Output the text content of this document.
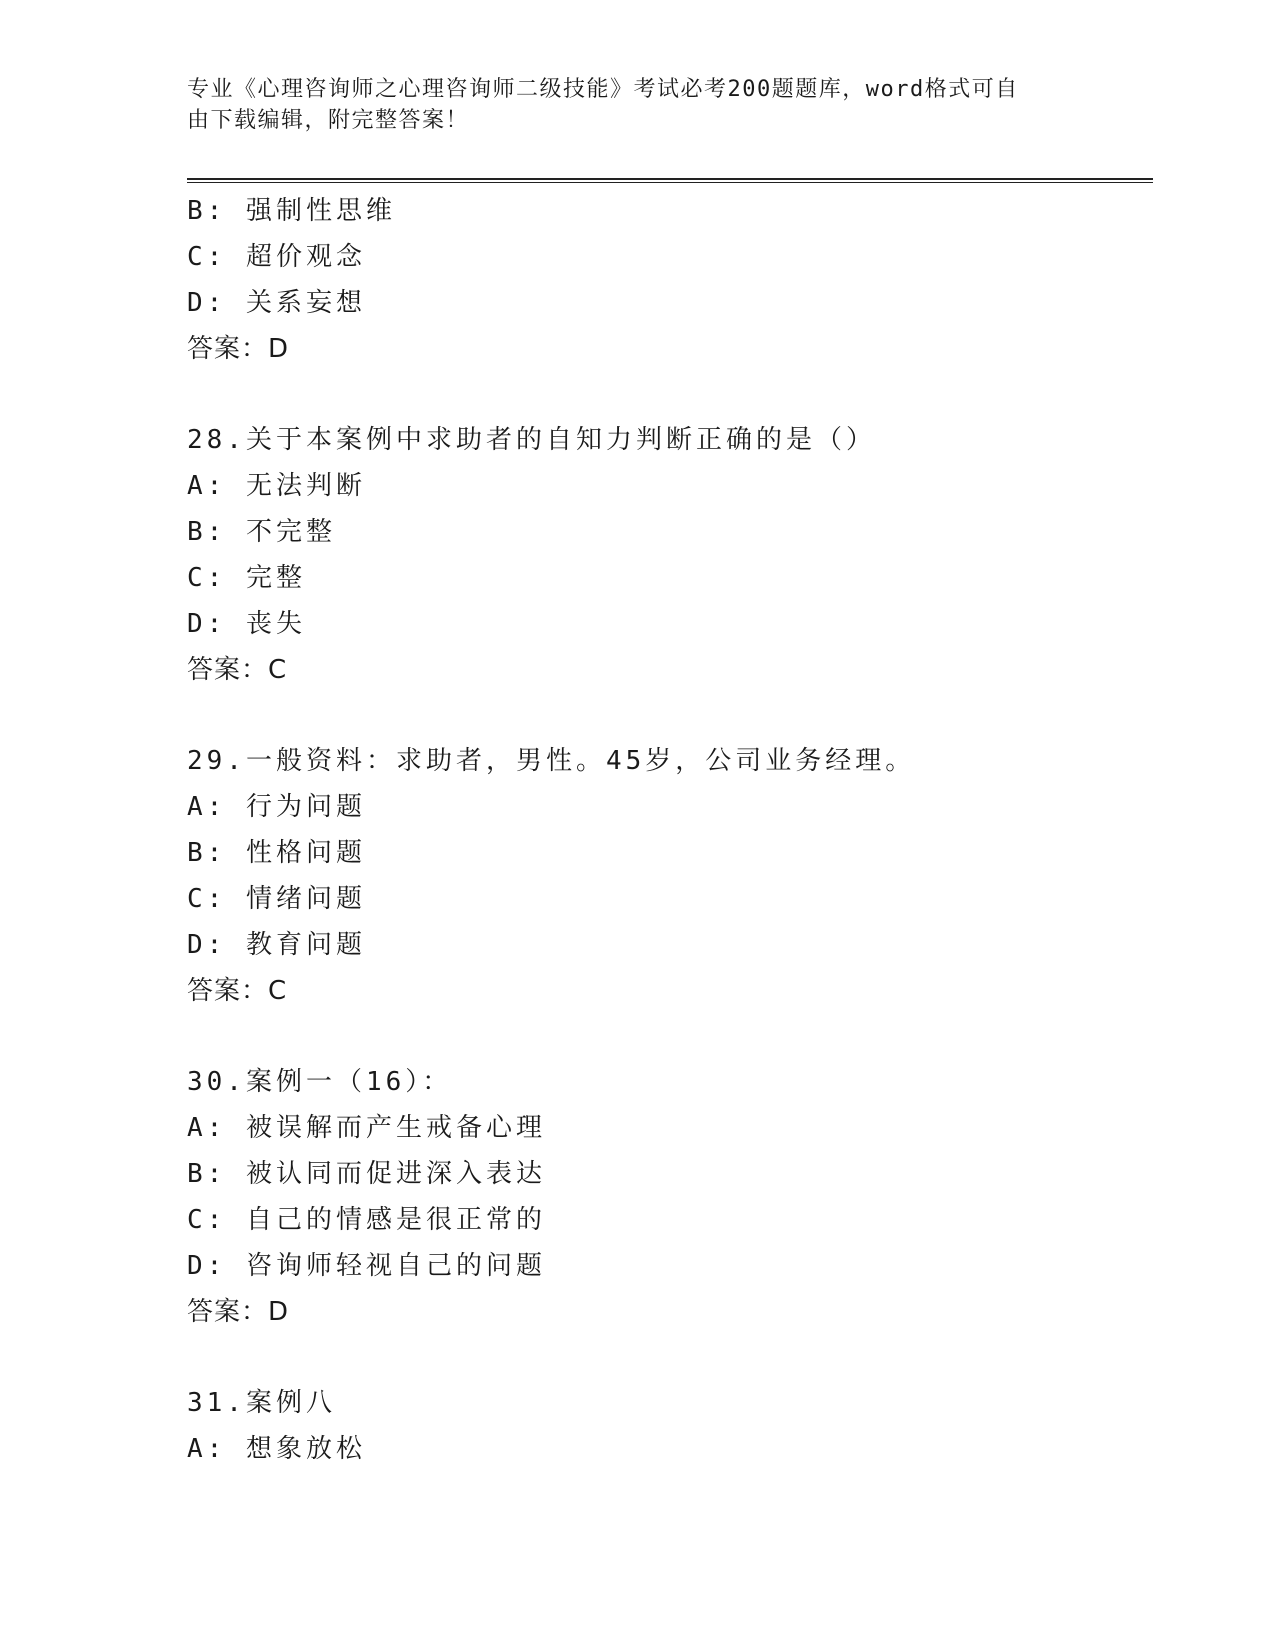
专业《心理咨询师之心理咨询师二级技能》考试必考200题题库，word格式可自
由下载编辑，附完整答案！
B: 强制性思维
C: 超价观念
D: 关系妄想
答案：D
28.关于本案例中求助者的自知力判断正确的是（）
A: 无法判断
B: 不完整
C: 完整
D: 丧失
答案：C
29.一般资料：求助者，男性。45岁，公司业务经理。
A: 行为问题
B: 性格问题
C: 情绪问题
D: 教育问题
答案：C
30.案例一（16）：
A: 被误解而产生戒备心理
B: 被认同而促进深入表达
C: 自己的情感是很正常的
D: 咨询师轻视自己的问题
答案：D
31.案例八
A: 想象放松
